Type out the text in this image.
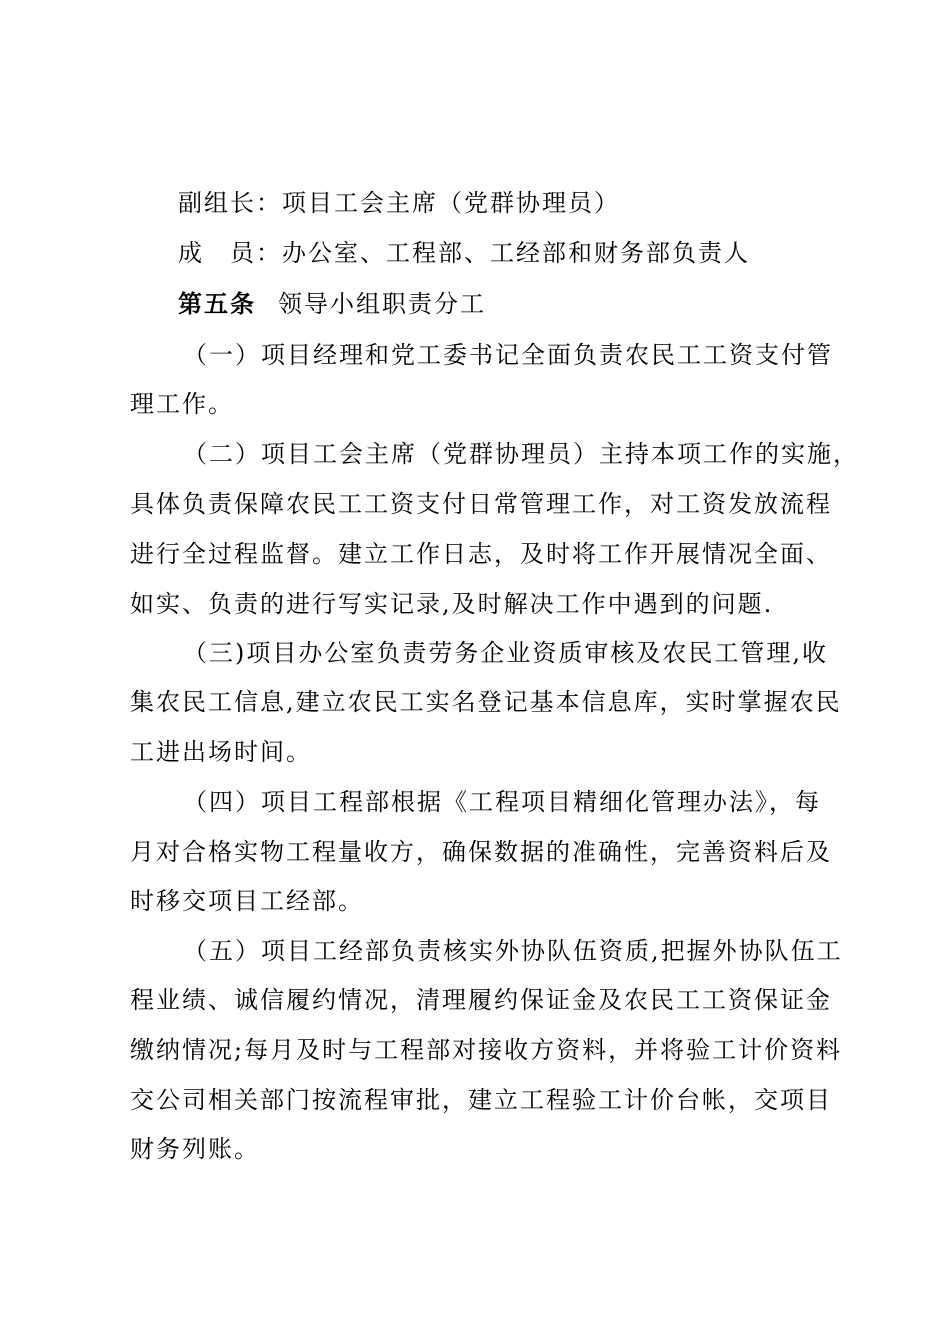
副组长：项目工会主席（党群协理员）
成 员：办公室、工程部、工经部和财务部负责人
第五条 领导小组职责分工
（一）项目经理和党工委书记全面负责农民工工资支付管
理工作。
（二）项目工会主席（党群协理员）主持本项工作的实施，
具体负责保障农民工工资支付日常管理工作，对工资发放流程
进行全过程监督。建立工作日志，及时将工作开展情况全面、
如实、负责的进行写实记录,及时解决工作中遇到的问题.
（三)项目办公室负责劳务企业资质审核及农民工管理,收
集农民工信息,建立农民工实名登记基本信息库，实时掌握农民
工进出场时间。
（四）项目工程部根据《工程项目精细化管理办法》，每
月对合格实物工程量收方，确保数据的准确性，完善资料后及
时移交项目工经部。
（五）项目工经部负责核实外协队伍资质,把握外协队伍工
程业绩、诚信履约情况，清理履约保证金及农民工工资保证金
缴纳情况;每月及时与工程部对接收方资料，并将验工计价资料
交公司相关部门按流程审批，建立工程验工计价台帐，交项目
财务列账。
